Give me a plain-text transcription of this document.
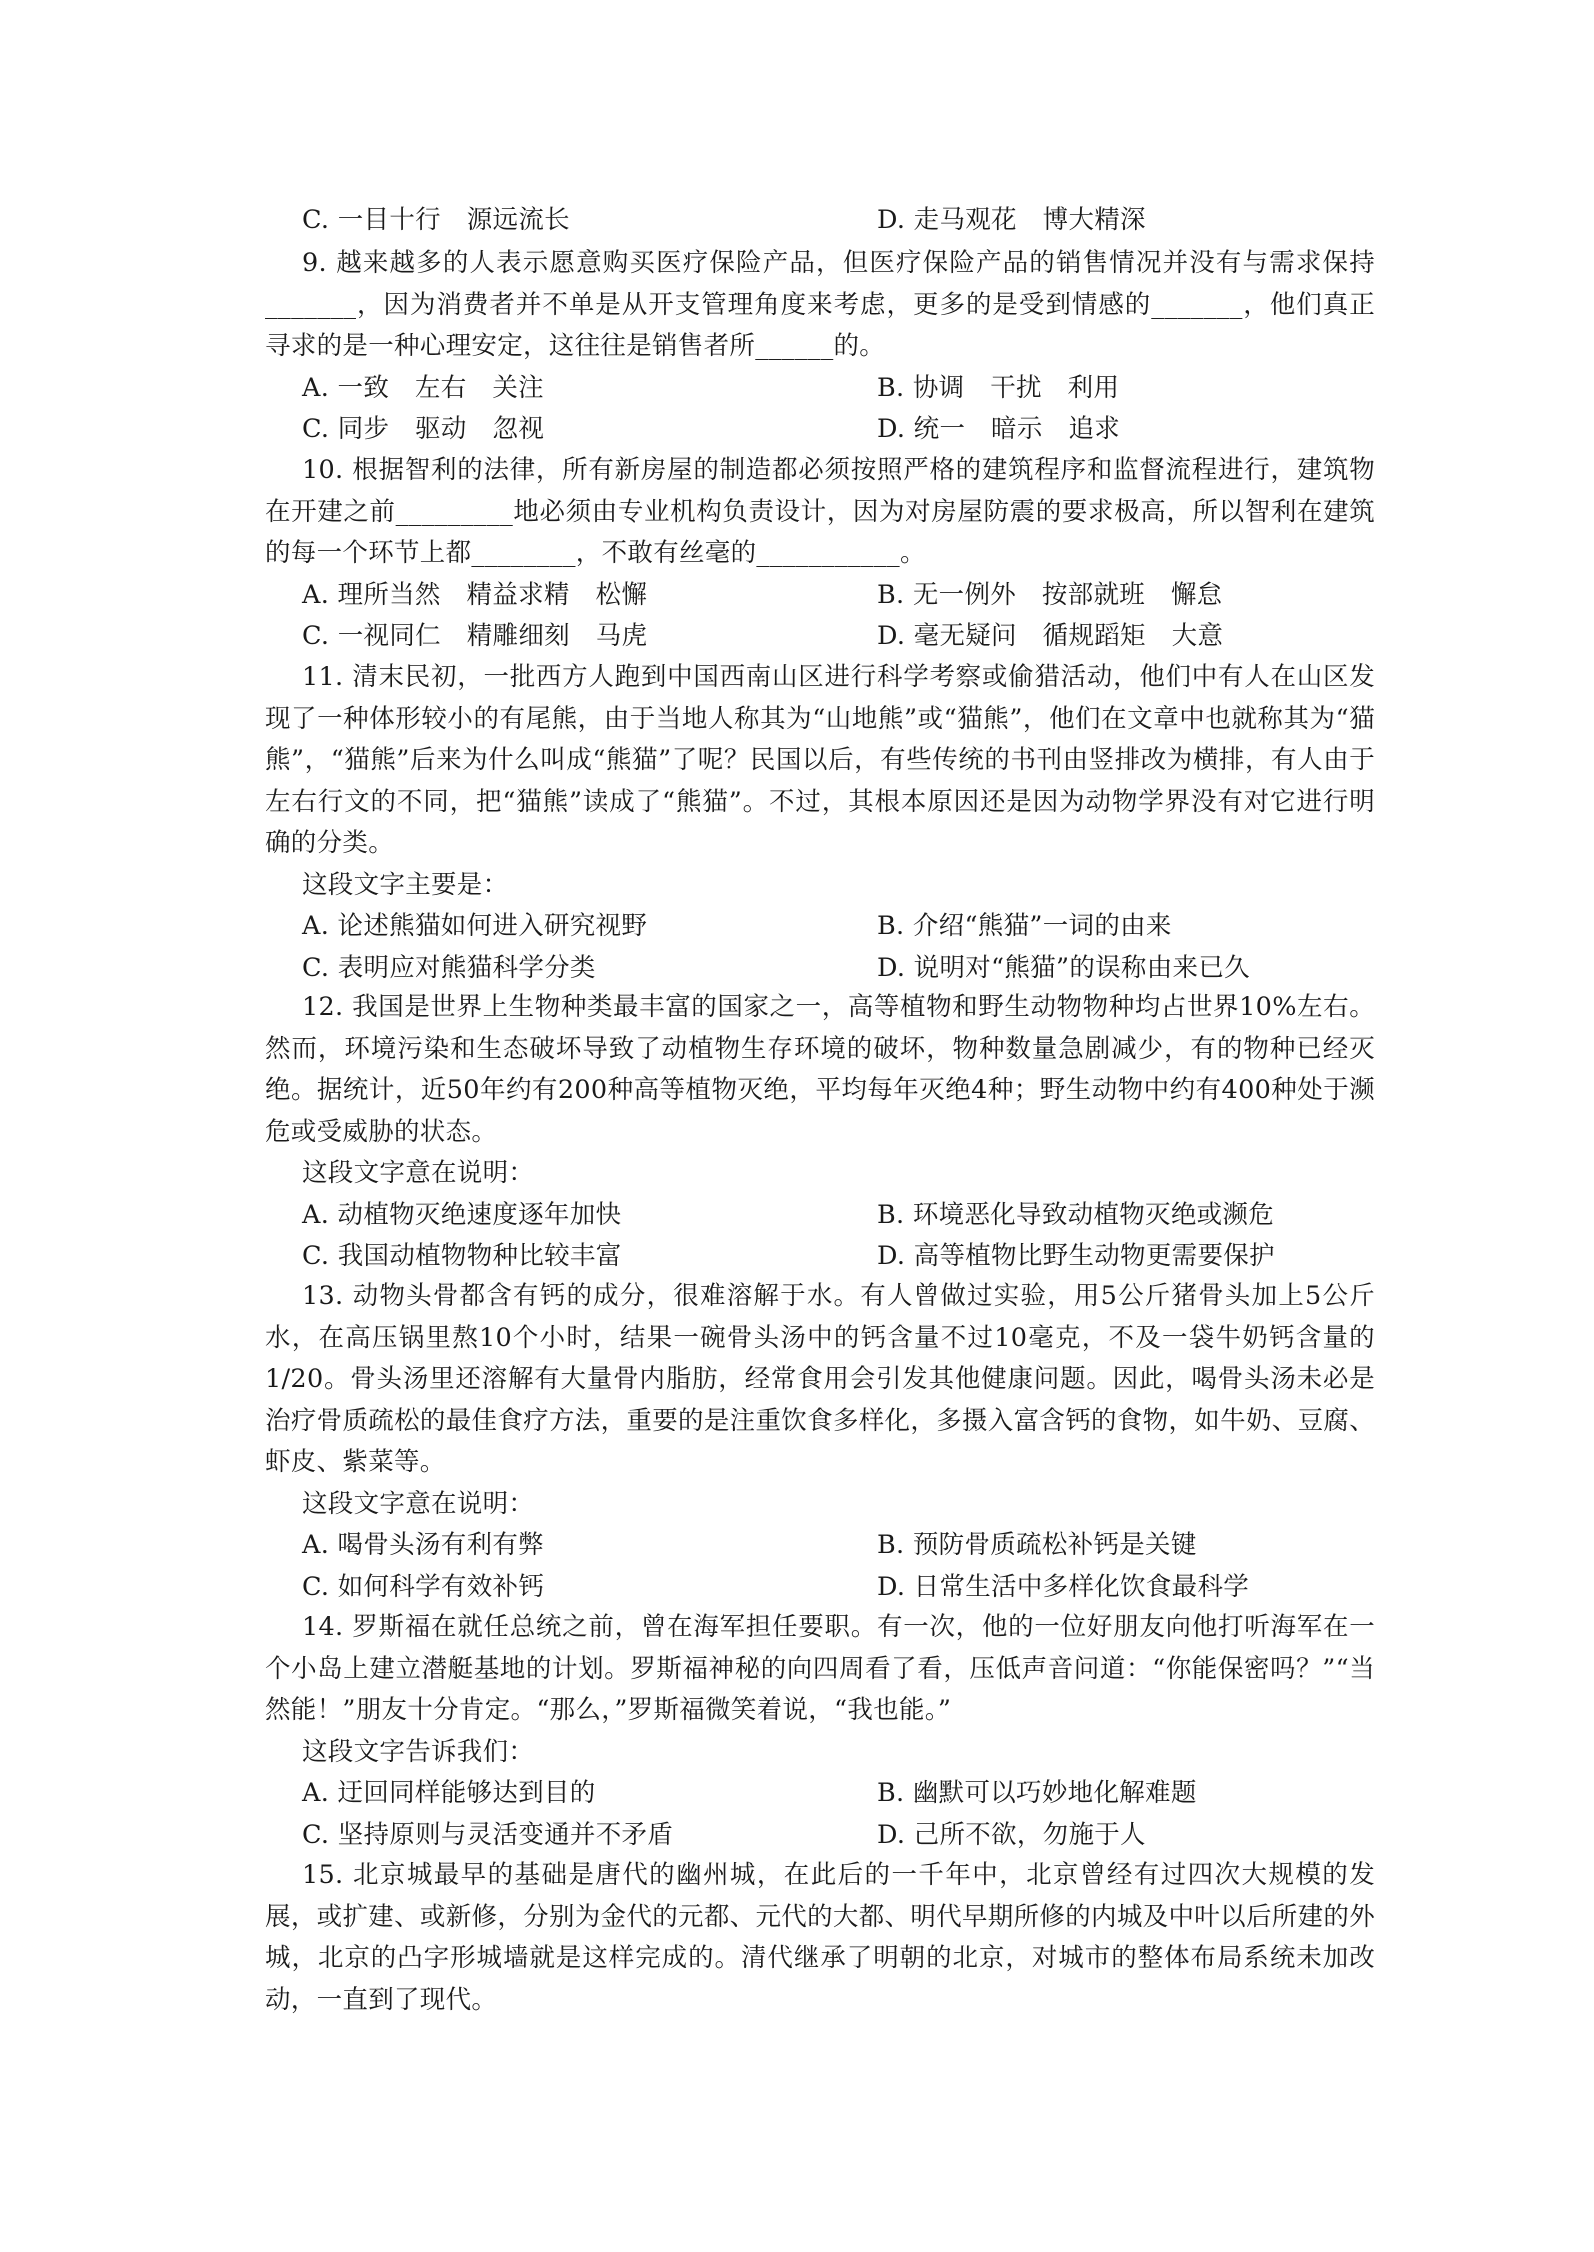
C. 一目十行　源远流长	D. 走马观花　博大精深

9. 越来越多的人表示愿意购买医疗保险产品，但医疗保险产品的销售情况并没有与需求保持_______，因为消费者并不单是从开支管理角度来考虑，更多的是受到情感的_______，他们真正寻求的是一种心理安定，这往往是销售者所______的。

A. 一致　左右　关注	B. 协调　干扰　利用
C. 同步　驱动　忽视	D. 统一　暗示　追求

10. 根据智利的法律，所有新房屋的制造都必须按照严格的建筑程序和监督流程进行，建筑物在开建之前_________地必须由专业机构负责设计，因为对房屋防震的要求极高，所以智利在建筑的每一个环节上都________，不敢有丝毫的___________。

A. 理所当然　精益求精　松懈	B. 无一例外　按部就班　懈怠
C. 一视同仁　精雕细刻　马虎	D. 毫无疑问　循规蹈矩　大意

11. 清末民初，一批西方人跑到中国西南山区进行科学考察或偷猎活动，他们中有人在山区发现了一种体形较小的有尾熊，由于当地人称其为“山地熊”或“猫熊”，他们在文章中也就称其为“猫熊”，“猫熊”后来为什么叫成“熊猫”了呢？民国以后，有些传统的书刊由竖排改为横排，有人由于左右行文的不同，把“猫熊”读成了“熊猫”。不过，其根本原因还是因为动物学界没有对它进行明确的分类。

这段文字主要是：
A. 论述熊猫如何进入研究视野	B. 介绍“熊猫”一词的由来
C. 表明应对熊猫科学分类	D. 说明对“熊猫”的误称由来已久

12. 我国是世界上生物种类最丰富的国家之一，高等植物和野生动物物种均占世界10%左右。然而，环境污染和生态破坏导致了动植物生存环境的破坏，物种数量急剧减少，有的物种已经灭绝。据统计，近50年约有200种高等植物灭绝，平均每年灭绝4种；野生动物中约有400种处于濒危或受威胁的状态。

这段文字意在说明：
A. 动植物灭绝速度逐年加快	B. 环境恶化导致动植物灭绝或濒危
C. 我国动植物物种比较丰富	D. 高等植物比野生动物更需要保护

13. 动物头骨都含有钙的成分，很难溶解于水。有人曾做过实验，用5公斤猪骨头加上5公斤水，在高压锅里熬10个小时，结果一碗骨头汤中的钙含量不过10毫克，不及一袋牛奶钙含量的1/20。骨头汤里还溶解有大量骨内脂肪，经常食用会引发其他健康问题。因此，喝骨头汤未必是治疗骨质疏松的最佳食疗方法，重要的是注重饮食多样化，多摄入富含钙的食物，如牛奶、豆腐、虾皮、紫菜等。

这段文字意在说明：
A. 喝骨头汤有利有弊	B. 预防骨质疏松补钙是关键
C. 如何科学有效补钙	D. 日常生活中多样化饮食最科学

14. 罗斯福在就任总统之前，曾在海军担任要职。有一次，他的一位好朋友向他打听海军在一个小岛上建立潜艇基地的计划。罗斯福神秘的向四周看了看，压低声音问道：“你能保密吗？”“当然能！”朋友十分肯定。“那么，”罗斯福微笑着说，“我也能。”

这段文字告诉我们：
A. 迂回同样能够达到目的	B. 幽默可以巧妙地化解难题
C. 坚持原则与灵活变通并不矛盾	D. 己所不欲，勿施于人

15. 北京城最早的基础是唐代的幽州城，在此后的一千年中，北京曾经有过四次大规模的发展，或扩建、或新修，分别为金代的元都、元代的大都、明代早期所修的内城及中叶以后所建的外城，北京的凸字形城墙就是这样完成的。清代继承了明朝的北京，对城市的整体布局系统未加改动，一直到了现代。
